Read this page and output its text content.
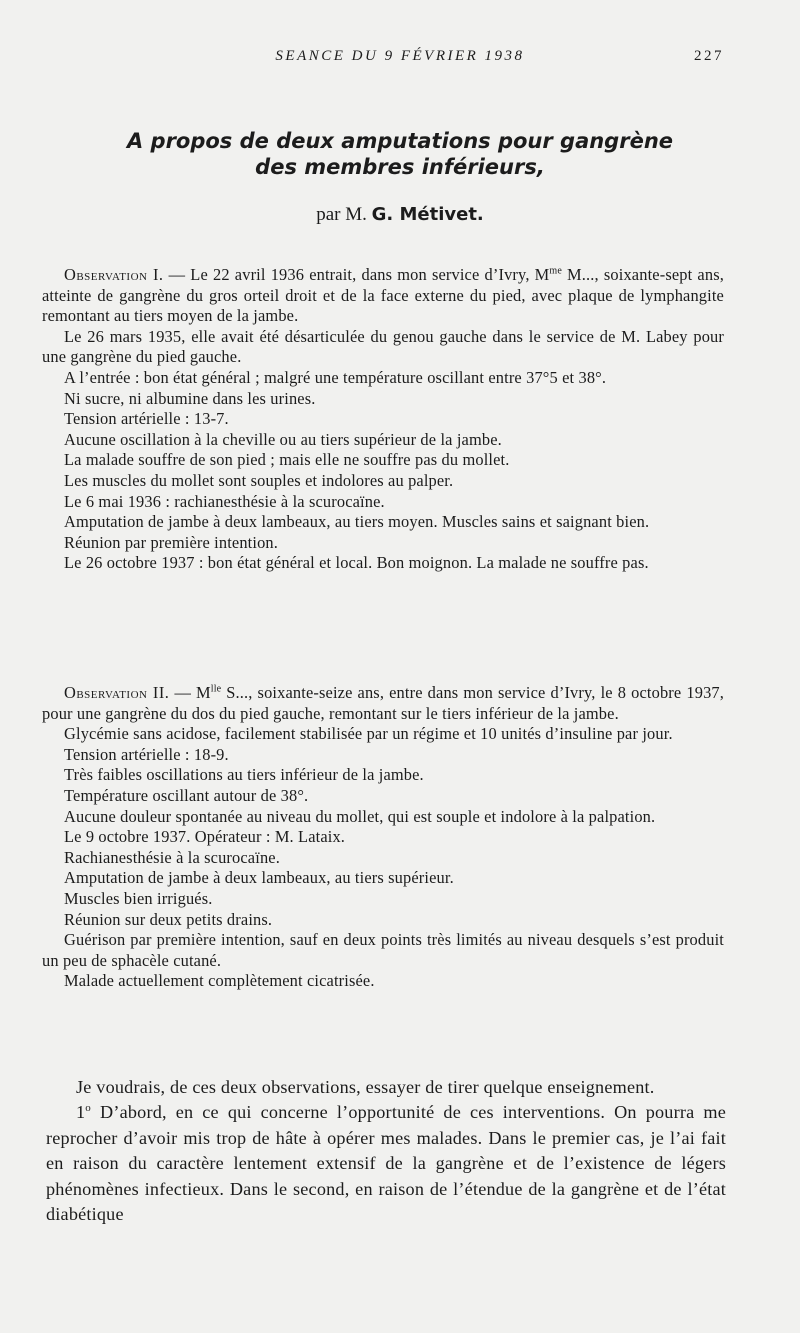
SEANCE DU 9 FÉVRIER 1938	227
A propos de deux amputations pour gangrène
des membres inférieurs,
par M. G. Métivet.

Observation I. — Le 22 avril 1936 entrait, dans mon service d’Ivry, $M^{me}$ M..., soixante-sept ans, atteinte de gangrène du gros orteil droit et de la face externe du pied, avec plaque de lymphangite remontant au tiers moyen de la jambe.

Le 26 mars 1935, elle avait été désarticulée du genou gauche dans le service de M. Labey pour une gangrène du pied gauche.

A l’entrée : bon état général ; malgré une température oscillant entre 37°5 et 38°.

Ni sucre, ni albumine dans les urines.

Tension artérielle : 13-7.

Aucune oscillation à la cheville ou au tiers supérieur de la jambe.

La malade souffre de son pied ; mais elle ne souffre pas du mollet.

Les muscles du mollet sont souples et indolores au palper.

Le 6 mai 1936 : rachianesthésie à la scurocaïne.

Amputation de jambe à deux lambeaux, au tiers moyen. Muscles sains et saignant bien.

Réunion par première intention.

Le 26 octobre 1937 : bon état général et local. Bon moignon. La malade ne souffre pas.

Observation II. — $M^{lle}$ S..., soixante-seize ans, entre dans mon service d’Ivry, le 8 octobre 1937, pour une gangrène du dos du pied gauche, remontant sur le tiers inférieur de la jambe.

Glycémie sans acidose, facilement stabilisée par un régime et 10 unités d’insuline par jour.

Tension artérielle : 18-9.

Très faibles oscillations au tiers inférieur de la jambe.

Température oscillant autour de 38°.

Aucune douleur spontanée au niveau du mollet, qui est souple et indolore à la palpation.

Le 9 octobre 1937. Opérateur : M. Lataix.

Rachianesthésie à la scurocaïne.

Amputation de jambe à deux lambeaux, au tiers supérieur.

Muscles bien irrigués.

Réunion sur deux petits drains.

Guérison par première intention, sauf en deux points très limités au niveau desquels s’est produit un peu de sphacèle cutané.

Malade actuellement complètement cicatrisée.

Je voudrais, de ces deux observations, essayer de tirer quelque enseignement.

1$^o$ D’abord, en ce qui concerne l’opportunité de ces interventions. On pourra me reprocher d’avoir mis trop de hâte à opérer mes malades. Dans le premier cas, je l’ai fait en raison du caractère lentement extensif de la gangrène et de l’existence de légers phénomènes infectieux. Dans le second, en raison de l’étendue de la gangrène et de l’état diabétique
